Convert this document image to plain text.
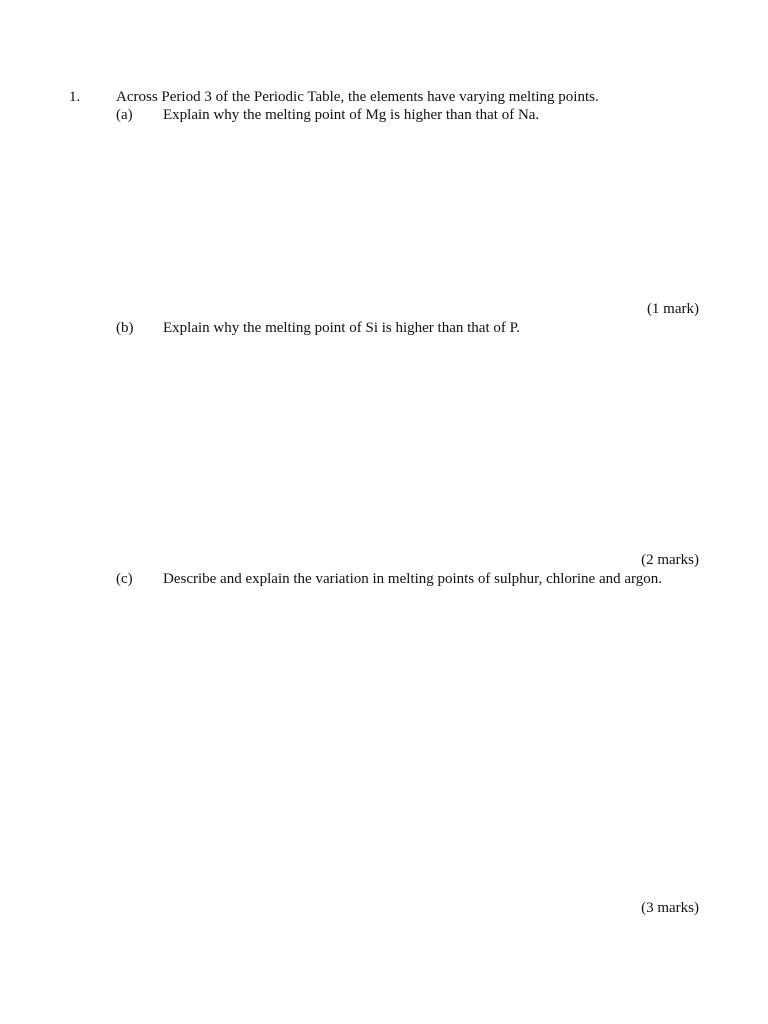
1. Across Period 3 of the Periodic Table, the elements have varying melting points.
(a) Explain why the melting point of Mg is higher than that of Na.
(1 mark)
(b) Explain why the melting point of Si is higher than that of P.
(2 marks)
(c) Describe and explain the variation in melting points of sulphur, chlorine and argon.
(3 marks)
